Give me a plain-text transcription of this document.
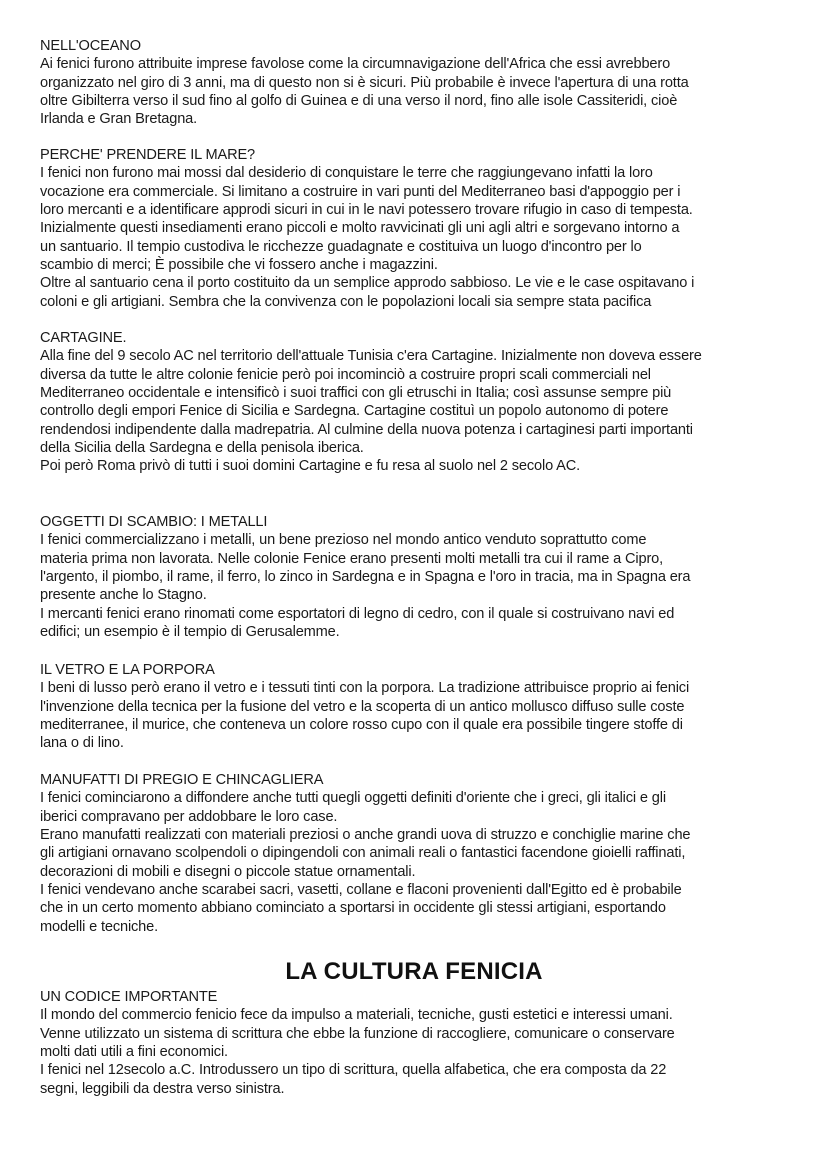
NELL'OCEANO
Ai fenici furono attribuite imprese favolose come la circumnavigazione dell'Africa che essi avrebbero
organizzato nel giro di 3 anni, ma di questo non si è sicuri. Più probabile è invece l'apertura di una rotta
oltre Gibilterra verso il sud fino al golfo di Guinea e di una verso il nord, fino alle isole Cassiteridi, cioè
Irlanda e Gran Bretagna.
PERCHE' PRENDERE IL MARE?
I fenici non furono mai mossi dal desiderio di conquistare le terre che raggiungevano infatti la loro
vocazione era commerciale. Si limitano a costruire in vari punti del Mediterraneo basi d'appoggio per i
loro mercanti e a identificare approdi sicuri in cui in le navi potessero trovare rifugio in caso di tempesta.
Inizialmente questi insediamenti erano piccoli e molto ravvicinati gli uni agli altri e sorgevano intorno a
un santuario. Il tempio custodiva le ricchezze guadagnate e costituiva un luogo d'incontro per lo
scambio di merci; È possibile che vi fossero anche i magazzini.
Oltre al santuario cena il porto costituito da un semplice approdo sabbioso. Le vie e le case ospitavano i
coloni e gli artigiani. Sembra che la convivenza con le popolazioni locali sia sempre stata pacifica
CARTAGINE.
Alla fine del 9 secolo AC nel territorio dell'attuale Tunisia c'era Cartagine. Inizialmente non doveva essere
diversa da tutte le altre colonie fenicie però poi incominciò a costruire propri scali commerciali nel
Mediterraneo occidentale e intensificò i suoi traffici con gli etruschi in Italia; così assunse sempre più
controllo degli empori Fenice di Sicilia e Sardegna. Cartagine costituì un popolo autonomo di potere
rendendosi indipendente dalla madrepatria. Al culmine della nuova potenza i cartaginesi parti importanti
della Sicilia della Sardegna e della penisola iberica.
Poi però Roma privò di tutti i suoi domini Cartagine e fu resa al suolo nel 2 secolo AC.
OGGETTI DI SCAMBIO: I METALLI
I fenici commercializzano i metalli, un bene prezioso nel mondo antico venduto soprattutto come
materia prima non lavorata. Nelle colonie Fenice erano presenti molti metalli tra cui il rame a Cipro,
l'argento, il piombo, il rame, il ferro, lo zinco in Sardegna e in Spagna e l'oro in tracia, ma in Spagna era
presente anche lo Stagno.
I mercanti fenici erano rinomati come esportatori di legno di cedro, con il quale si costruivano navi ed
edifici; un esempio è il tempio di Gerusalemme.
IL VETRO E LA PORPORA
I beni di lusso però erano il vetro e i tessuti tinti con la porpora. La tradizione attribuisce proprio ai fenici
l'invenzione della tecnica per la fusione del vetro e la scoperta di un antico mollusco diffuso sulle coste
mediterranee, il murice, che conteneva un colore rosso cupo con il quale era possibile tingere stoffe di
lana o di lino.
MANUFATTI DI PREGIO E CHINCAGLIERA
I fenici cominciarono a diffondere anche tutti quegli oggetti definiti d'oriente che i greci, gli italici e gli
iberici compravano per addobbare le loro case.
Erano manufatti realizzati con materiali preziosi o anche grandi uova di struzzo e conchiglie marine che
gli artigiani ornavano scolpendoli o dipingendoli con animali reali o fantastici facendone gioielli raffinati,
decorazioni di mobili e disegni o piccole statue ornamentali.
I fenici vendevano anche scarabei sacri, vasetti, collane e flaconi provenienti dall'Egitto ed è probabile
che in un certo momento abbiano cominciato a sportarsi in occidente gli stessi artigiani, esportando
modelli e tecniche.
LA CULTURA FENICIA
UN CODICE IMPORTANTE
Il mondo del commercio fenicio fece da impulso a materiali, tecniche, gusti estetici e interessi umani.
Venne utilizzato un sistema di scrittura che ebbe la funzione di raccogliere, comunicare o conservare
molti dati utili a fini economici.
I fenici nel 12secolo a.C. Introdussero un tipo di scrittura, quella alfabetica, che era composta da 22
segni, leggibili da destra verso sinistra.
